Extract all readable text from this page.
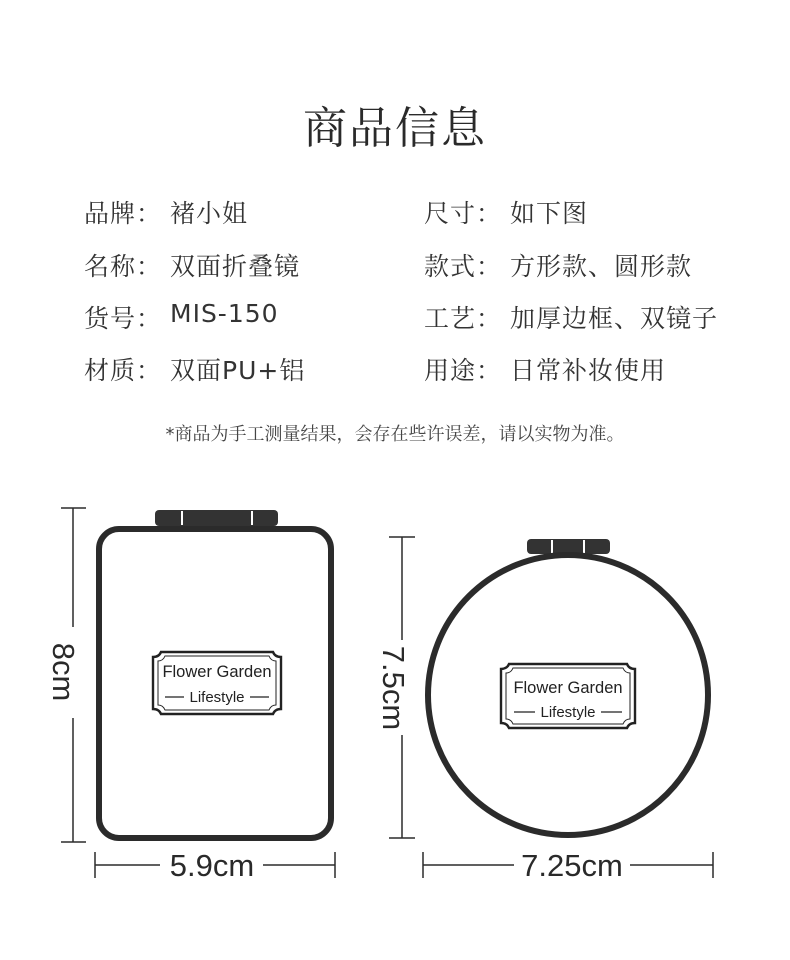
商品信息
品牌： 褚小姐	尺寸： 如下图
名称： 双面折叠镜	款式： 方形款、圆形款
货号： MIS-150	工艺： 加厚边框、双镜子
材质： 双面PU+铝	用途： 日常补妆使用
*商品为手工测量结果，会存在些许误差，请以实物为准。
Flower Garden
Lifestyle
Flower Garden
Lifestyle
8cm
5.9cm
7.5cm
7.25cm
